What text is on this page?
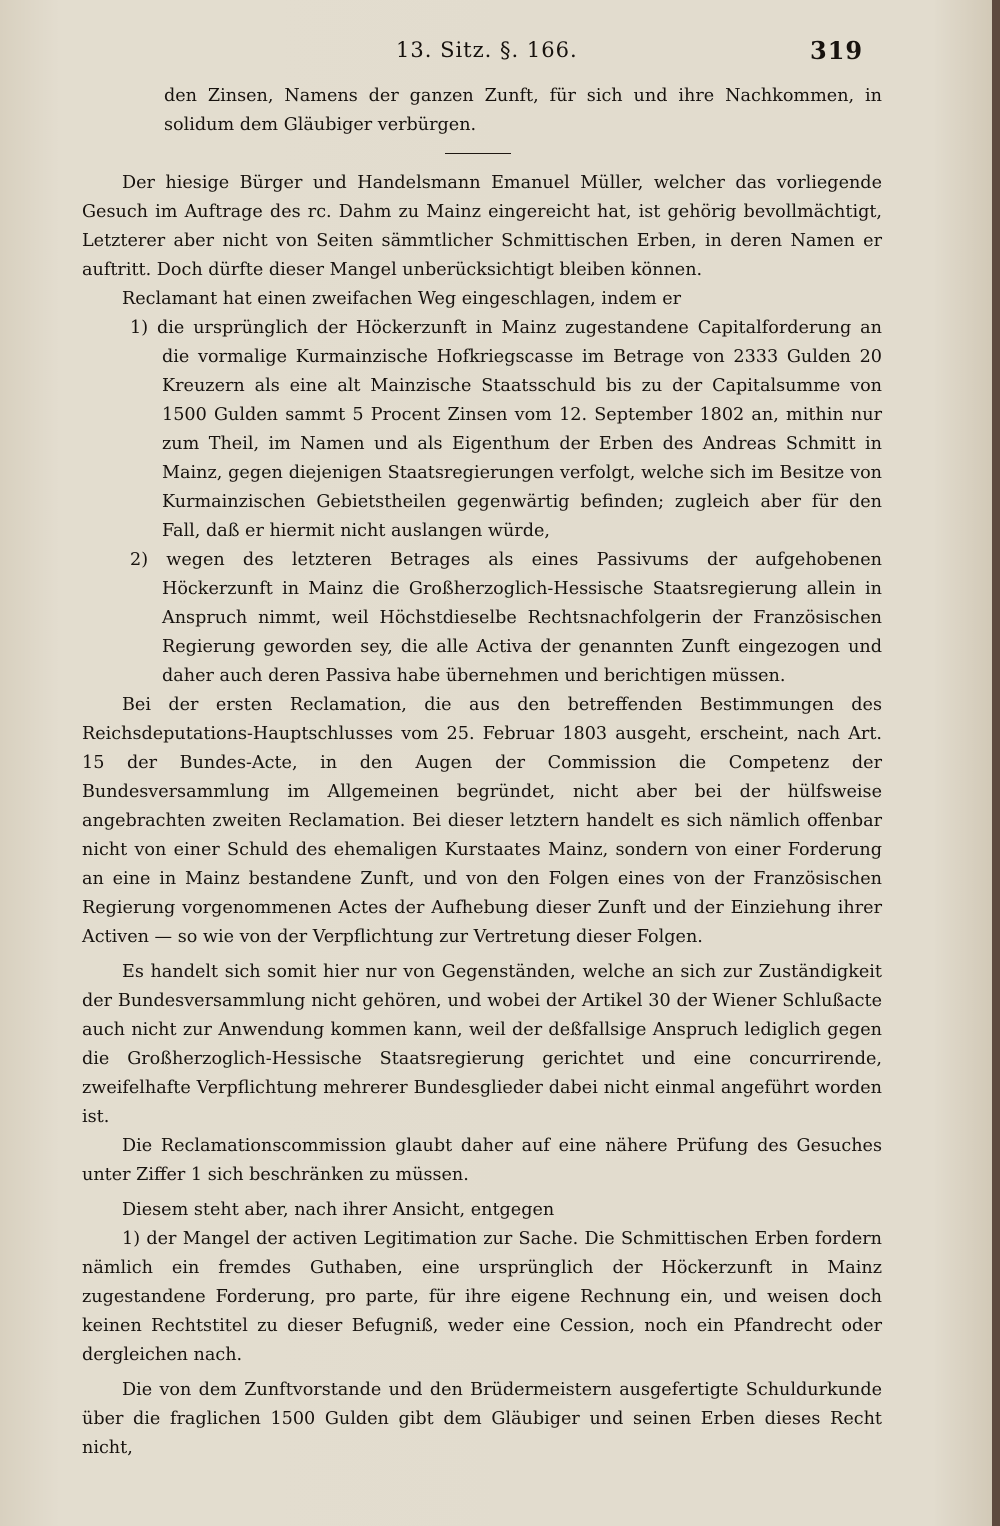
13. Sitz. §. 166.	319

den Zinsen, Namens der ganzen Zunft, für sich und ihre Nachkommen, in solidum dem Gläubiger verbürgen.

Der hiesige Bürger und Handelsmann Emanuel Müller, welcher das vorliegende Gesuch im Auftrage des rc. Dahm zu Mainz eingereicht hat, ist gehörig bevollmächtigt, Letzterer aber nicht von Seiten sämmtlicher Schmittischen Erben, in deren Namen er auftritt. Doch dürfte dieser Mangel unberücksichtigt bleiben können.

Reclamant hat einen zweifachen Weg eingeschlagen, indem er

1) die ursprünglich der Höckerzunft in Mainz zugestandene Capitalforderung an die vormalige Kurmainzische Hofkriegscasse im Betrage von 2333 Gulden 20 Kreuzern als eine alt Mainzische Staatsschuld bis zu der Capitalsumme von 1500 Gulden sammt 5 Procent Zinsen vom 12. September 1802 an, mithin nur zum Theil, im Namen und als Eigenthum der Erben des Andreas Schmitt in Mainz, gegen diejenigen Staatsregierungen verfolgt, welche sich im Besitze von Kurmainzischen Gebietstheilen gegenwärtig befinden; zugleich aber für den Fall, daß er hiermit nicht auslangen würde,

2) wegen des letzteren Betrages als eines Passivums der aufgehobenen Höckerzunft in Mainz die Großherzoglich-Hessische Staatsregierung allein in Anspruch nimmt, weil Höchstdieselbe Rechtsnachfolgerin der Französischen Regierung geworden sey, die alle Activa der genannten Zunft eingezogen und daher auch deren Passiva habe übernehmen und berichtigen müssen.

Bei der ersten Reclamation, die aus den betreffenden Bestimmungen des Reichsdeputations-Hauptschlusses vom 25. Februar 1803 ausgeht, erscheint, nach Art. 15 der Bundes-Acte, in den Augen der Commission die Competenz der Bundesversammlung im Allgemeinen begründet, nicht aber bei der hülfsweise angebrachten zweiten Reclamation. Bei dieser letztern handelt es sich nämlich offenbar nicht von einer Schuld des ehemaligen Kurstaates Mainz, sondern von einer Forderung an eine in Mainz bestandene Zunft, und von den Folgen eines von der Französischen Regierung vorgenommenen Actes der Aufhebung dieser Zunft und der Einziehung ihrer Activen — so wie von der Verpflichtung zur Vertretung dieser Folgen.

Es handelt sich somit hier nur von Gegenständen, welche an sich zur Zuständigkeit der Bundesversammlung nicht gehören, und wobei der Artikel 30 der Wiener Schlußacte auch nicht zur Anwendung kommen kann, weil der deßfallsige Anspruch lediglich gegen die Großherzoglich-Hessische Staatsregierung gerichtet und eine concurrirende, zweifelhafte Verpflichtung mehrerer Bundesglieder dabei nicht einmal angeführt worden ist.

Die Reclamationscommission glaubt daher auf eine nähere Prüfung des Gesuches unter Ziffer 1 sich beschränken zu müssen.

Diesem steht aber, nach ihrer Ansicht, entgegen

1) der Mangel der activen Legitimation zur Sache. Die Schmittischen Erben fordern nämlich ein fremdes Guthaben, eine ursprünglich der Höckerzunft in Mainz zugestandene Forderung, pro parte, für ihre eigene Rechnung ein, und weisen doch keinen Rechtstitel zu dieser Befugniß, weder eine Cession, noch ein Pfandrecht oder dergleichen nach.

Die von dem Zunftvorstande und den Brüdermeistern ausgefertigte Schuldurkunde über die fraglichen 1500 Gulden gibt dem Gläubiger und seinen Erben dieses Recht nicht,
